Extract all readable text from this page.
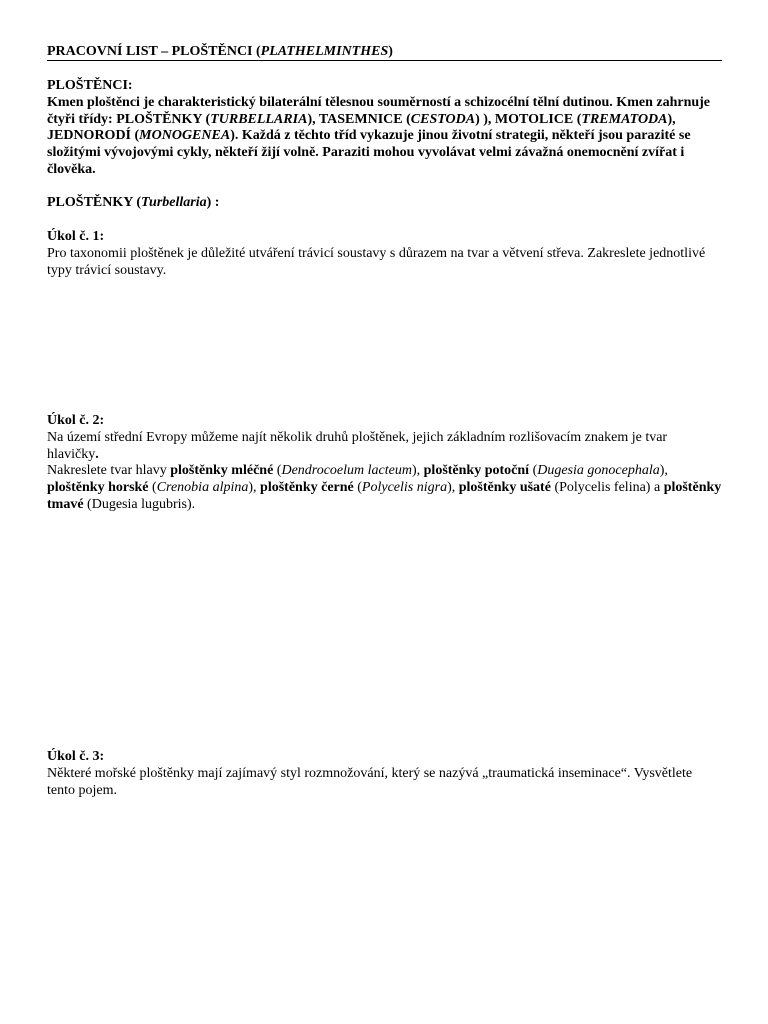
PRACOVNÍ LIST – PLOŠTĚNCI (PLATHELMINTHES)

PLOŠTĚNCI:

Kmen ploštěnci je charakteristický bilaterální tělesnou souměrností a schizocélní tělní dutinou. Kmen zahrnuje čtyři třídy: PLOŠTĚNKY (TURBELLARIA), TASEMNICE (CESTODA) ), MOTOLICE (TREMATODA), JEDNORODÍ (MONOGENEA). Každá z těchto tříd vykazuje jinou životní strategii, někteří jsou parazité se složitými vývojovými cykly, někteří žijí volně. Paraziti mohou vyvolávat velmi závažná onemocnění zvířat i člověka.

PLOŠTĚNKY (Turbellaria) :

Úkol č. 1:

Pro taxonomii ploštěnek je důležité utváření trávicí soustavy s důrazem na tvar a větvení střeva. Zakreslete jednotlivé typy trávicí soustavy.

Úkol č. 2:

Na území střední Evropy můžeme najít několik druhů ploštěnek, jejich základním rozlišovacím znakem je tvar hlavičky.

Nakreslete tvar hlavy ploštěnky mléčné (Dendrocoelum lacteum), ploštěnky potoční (Dugesia gonocephala), ploštěnky horské (Crenobia alpina), ploštěnky černé (Polycelis nigra), ploštěnky ušaté (Polycelis felina) a ploštěnky tmavé (Dugesia lugubris).

Úkol č. 3:

Některé mořské ploštěnky mají zajímavý styl rozmnožování, který se nazývá „traumatická inseminace“. Vysvětlete tento pojem.
